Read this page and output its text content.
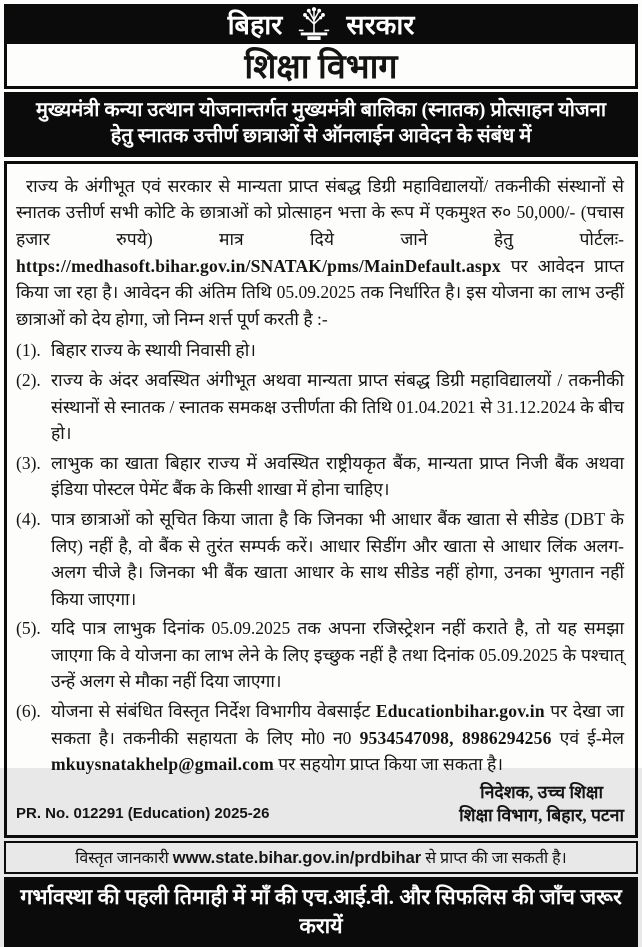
बिहार सरकार
शिक्षा विभाग
मुख्यमंत्री कन्या उत्थान योजनान्तर्गत मुख्यमंत्री बालिका (स्नातक) प्रोत्साहन योजना
हेतु स्नातक उत्तीर्ण छात्राओं से ऑनलाईन आवेदन के संबंध में

राज्य के अंगीभूत एवं सरकार से मान्यता प्राप्त संबद्ध डिग्री महाविद्यालयों/ तकनीकी संस्थानों से स्नातक उत्तीर्ण सभी कोटि के छात्राओं को प्रोत्साहन भत्ता के रूप में एकमुश्त रु० 50,000/- (पचास हजार रुपये) मात्र दिये जाने हेतु पोर्टलः-https://medhasoft.bihar.gov.in/SNATAK/pms/MainDefault.aspx पर आवेदन प्राप्त किया जा रहा है। आवेदन की अंतिम तिथि 05.09.2025 तक निर्धारित है। इस योजना का लाभ उन्हीं छात्राओं को देय होगा, जो निम्न शर्त्त पूर्ण करती है :-

(1). बिहार राज्य के स्थायी निवासी हो।
(2). राज्य के अंदर अवस्थित अंगीभूत अथवा मान्यता प्राप्त संबद्ध डिग्री महाविद्यालयों / तकनीकी संस्थानों से स्नातक / स्नातक समकक्ष उत्तीर्णता की तिथि 01.04.2021 से 31.12.2024 के बीच हो।
(3). लाभुक का खाता बिहार राज्य में अवस्थित राष्ट्रीयकृत बैंक, मान्यता प्राप्त निजी बैंक अथवा इंडिया पोस्टल पेमेंट बैंक के किसी शाखा में होना चाहिए।
(4). पात्र छात्राओं को सूचित किया जाता है कि जिनका भी आधार बैंक खाता से सीडेड (DBT के लिए) नहीं है, वो बैंक से तुरंत सम्पर्क करें। आधार सिडींग और खाता से आधार लिंक अलग-अलग चीजे है। जिनका भी बैंक खाता आधार के साथ सीडेड नहीं होगा, उनका भुगतान नहीं किया जाएगा।
(5). यदि पात्र लाभुक दिनांक 05.09.2025 तक अपना रजिस्ट्रेशन नहीं कराते है, तो यह समझा जाएगा कि वे योजना का लाभ लेने के लिए इच्छुक नहीं है तथा दिनांक 05.09.2025 के पश्चात् उन्हें अलग से मौका नहीं दिया जाएगा।
(6). योजना से संबंधित विस्तृत निर्देश विभागीय वेबसाईट Educationbihar.gov.in पर देखा जा सकता है। तकनीकी सहायता के लिए मो0 न0 9534547098, 8986294256 एवं ई-मेल mkuysnatakhelp@gmail.com पर सहयोग प्राप्त किया जा सकता है।
PR. No. 012291 (Education) 2025-26
निदेशक, उच्च शिक्षा
शिक्षा विभाग, बिहार, पटना
विस्तृत जानकारी www.state.bihar.gov.in/prdbihar से प्राप्त की जा सकती है।
गर्भावस्था की पहली तिमाही में माँ की एच.आई.वी. और सिफलिस की जाँच जरूर करायें
